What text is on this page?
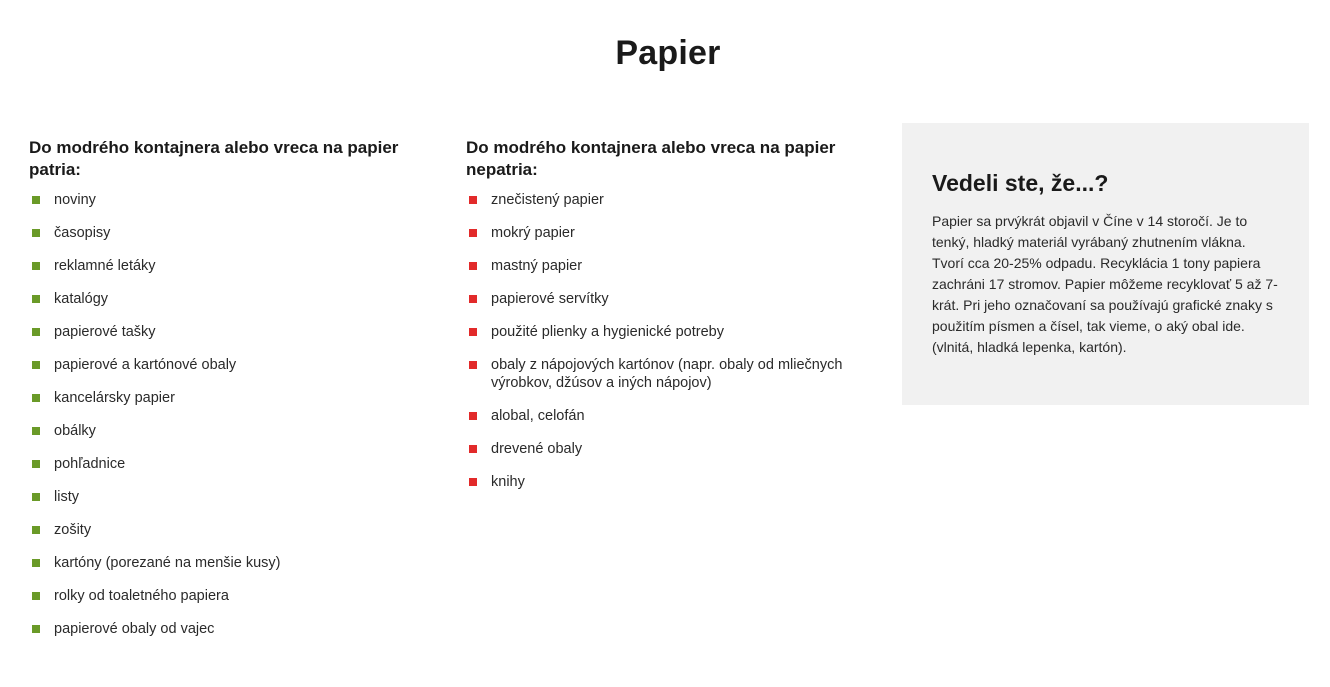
Papier
Do modrého kontajnera alebo vreca na papier patria:
noviny
časopisy
reklamné letáky
katalógy
papierové tašky
papierové a kartónové obaly
kancelársky papier
obálky
pohľadnice
listy
zošity
kartóny (porezané na menšie kusy)
rolky od toaletného papiera
papierové obaly od vajec
Do modrého kontajnera alebo vreca na papier nepatria:
znečistený papier
mokrý papier
mastný papier
papierové servítky
použité plienky a hygienické potreby
obaly z nápojových kartónov (napr. obaly od mliečnych výrobkov, džúsov a iných nápojov)
alobal, celofán
drevené obaly
knihy
Vedeli ste, že...?

Papier sa prvýkrát objavil v Číne v 14 storočí. Je to tenký, hladký materiál vyrábaný zhutnením vlákna. Tvorí cca 20-25% odpadu. Recyklácia 1 tony papiera zachráni 17 stromov. Papier môžeme recyklovať 5 až 7-krát. Pri jeho označovaní sa používajú grafické znaky s použitím písmen a čísel, tak vieme, o aký obal ide. (vlnitá, hladká lepenka, kartón).
